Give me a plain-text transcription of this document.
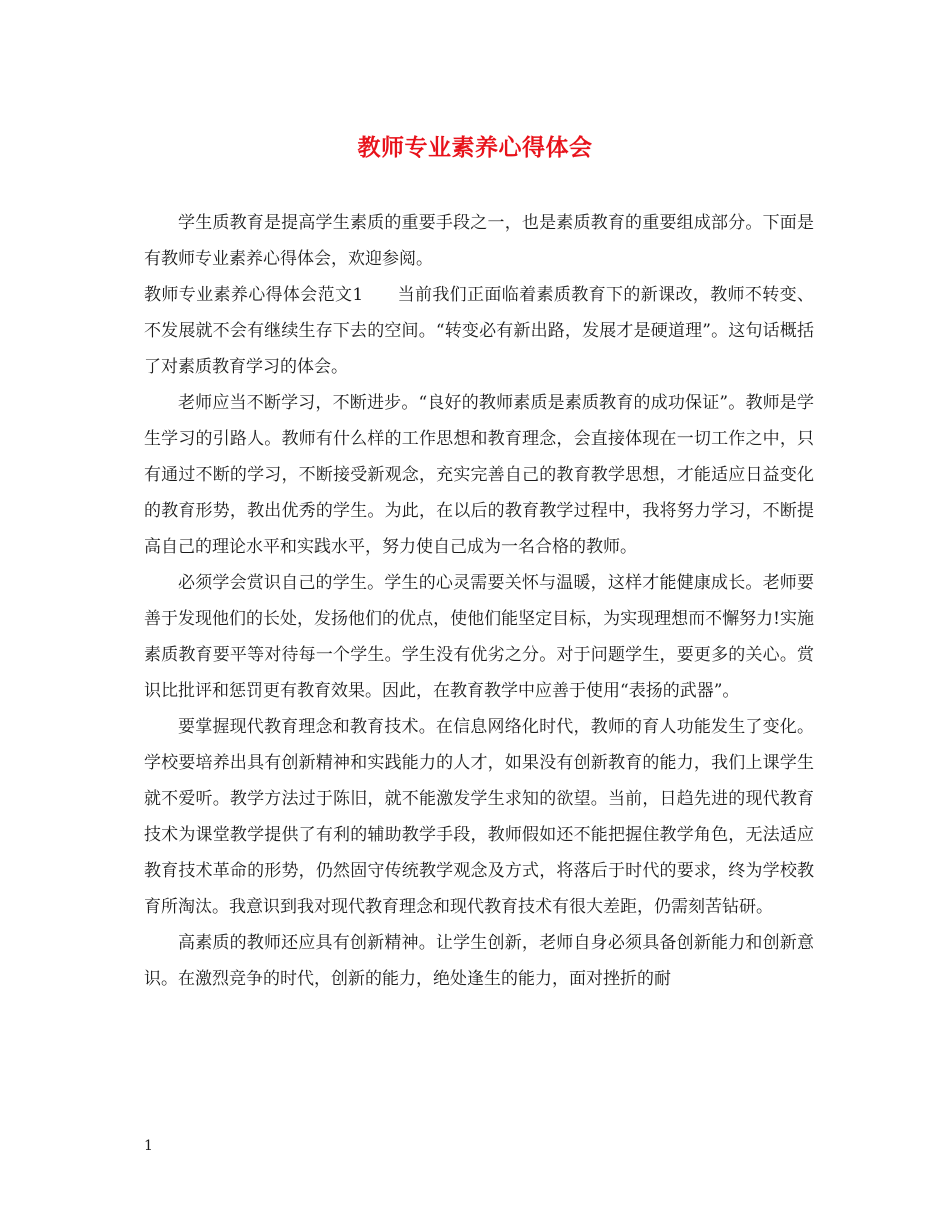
教师专业素养心得体会

学生质教育是提高学生素质的重要手段之一，也是素质教育的重要组成部分。下面是有教师专业素养心得体会，欢迎参阅。

教师专业素养心得体会范文1 当前我们正面临着素质教育下的新课改，教师不转变、不发展就不会有继续生存下去的空间。“转变必有新出路，发展才是硬道理”。这句话概括了对素质教育学习的体会。

老师应当不断学习，不断进步。“良好的教师素质是素质教育的成功保证”。教师是学生学习的引路人。教师有什么样的工作思想和教育理念，会直接体现在一切工作之中，只有通过不断的学习，不断接受新观念，充实完善自己的教育教学思想，才能适应日益变化的教育形势，教出优秀的学生。为此，在以后的教育教学过程中，我将努力学习，不断提高自己的理论水平和实践水平，努力使自己成为一名合格的教师。

必须学会赏识自己的学生。学生的心灵需要关怀与温暖，这样才能健康成长。老师要善于发现他们的长处，发扬他们的优点，使他们能坚定目标，为实现理想而不懈努力!实施素质教育要平等对待每一个学生。学生没有优劣之分。对于问题学生，要更多的关心。赏识比批评和惩罚更有教育效果。因此，在教育教学中应善于使用“表扬的武器”。

要掌握现代教育理念和教育技术。在信息网络化时代，教师的育人功能发生了变化。学校要培养出具有创新精神和实践能力的人才，如果没有创新教育的能力，我们上课学生就不爱听。教学方法过于陈旧，就不能激发学生求知的欲望。当前，日趋先进的现代教育技术为课堂教学提供了有利的辅助教学手段，教师假如还不能把握住教学角色，无法适应教育技术革命的形势，仍然固守传统教学观念及方式，将落后于时代的要求，终为学校教育所淘汰。我意识到我对现代教育理念和现代教育技术有很大差距，仍需刻苦钻研。

高素质的教师还应具有创新精神。让学生创新，老师自身必须具备创新能力和创新意识。在激烈竞争的时代，创新的能力，绝处逢生的能力，面对挫折的耐

1
